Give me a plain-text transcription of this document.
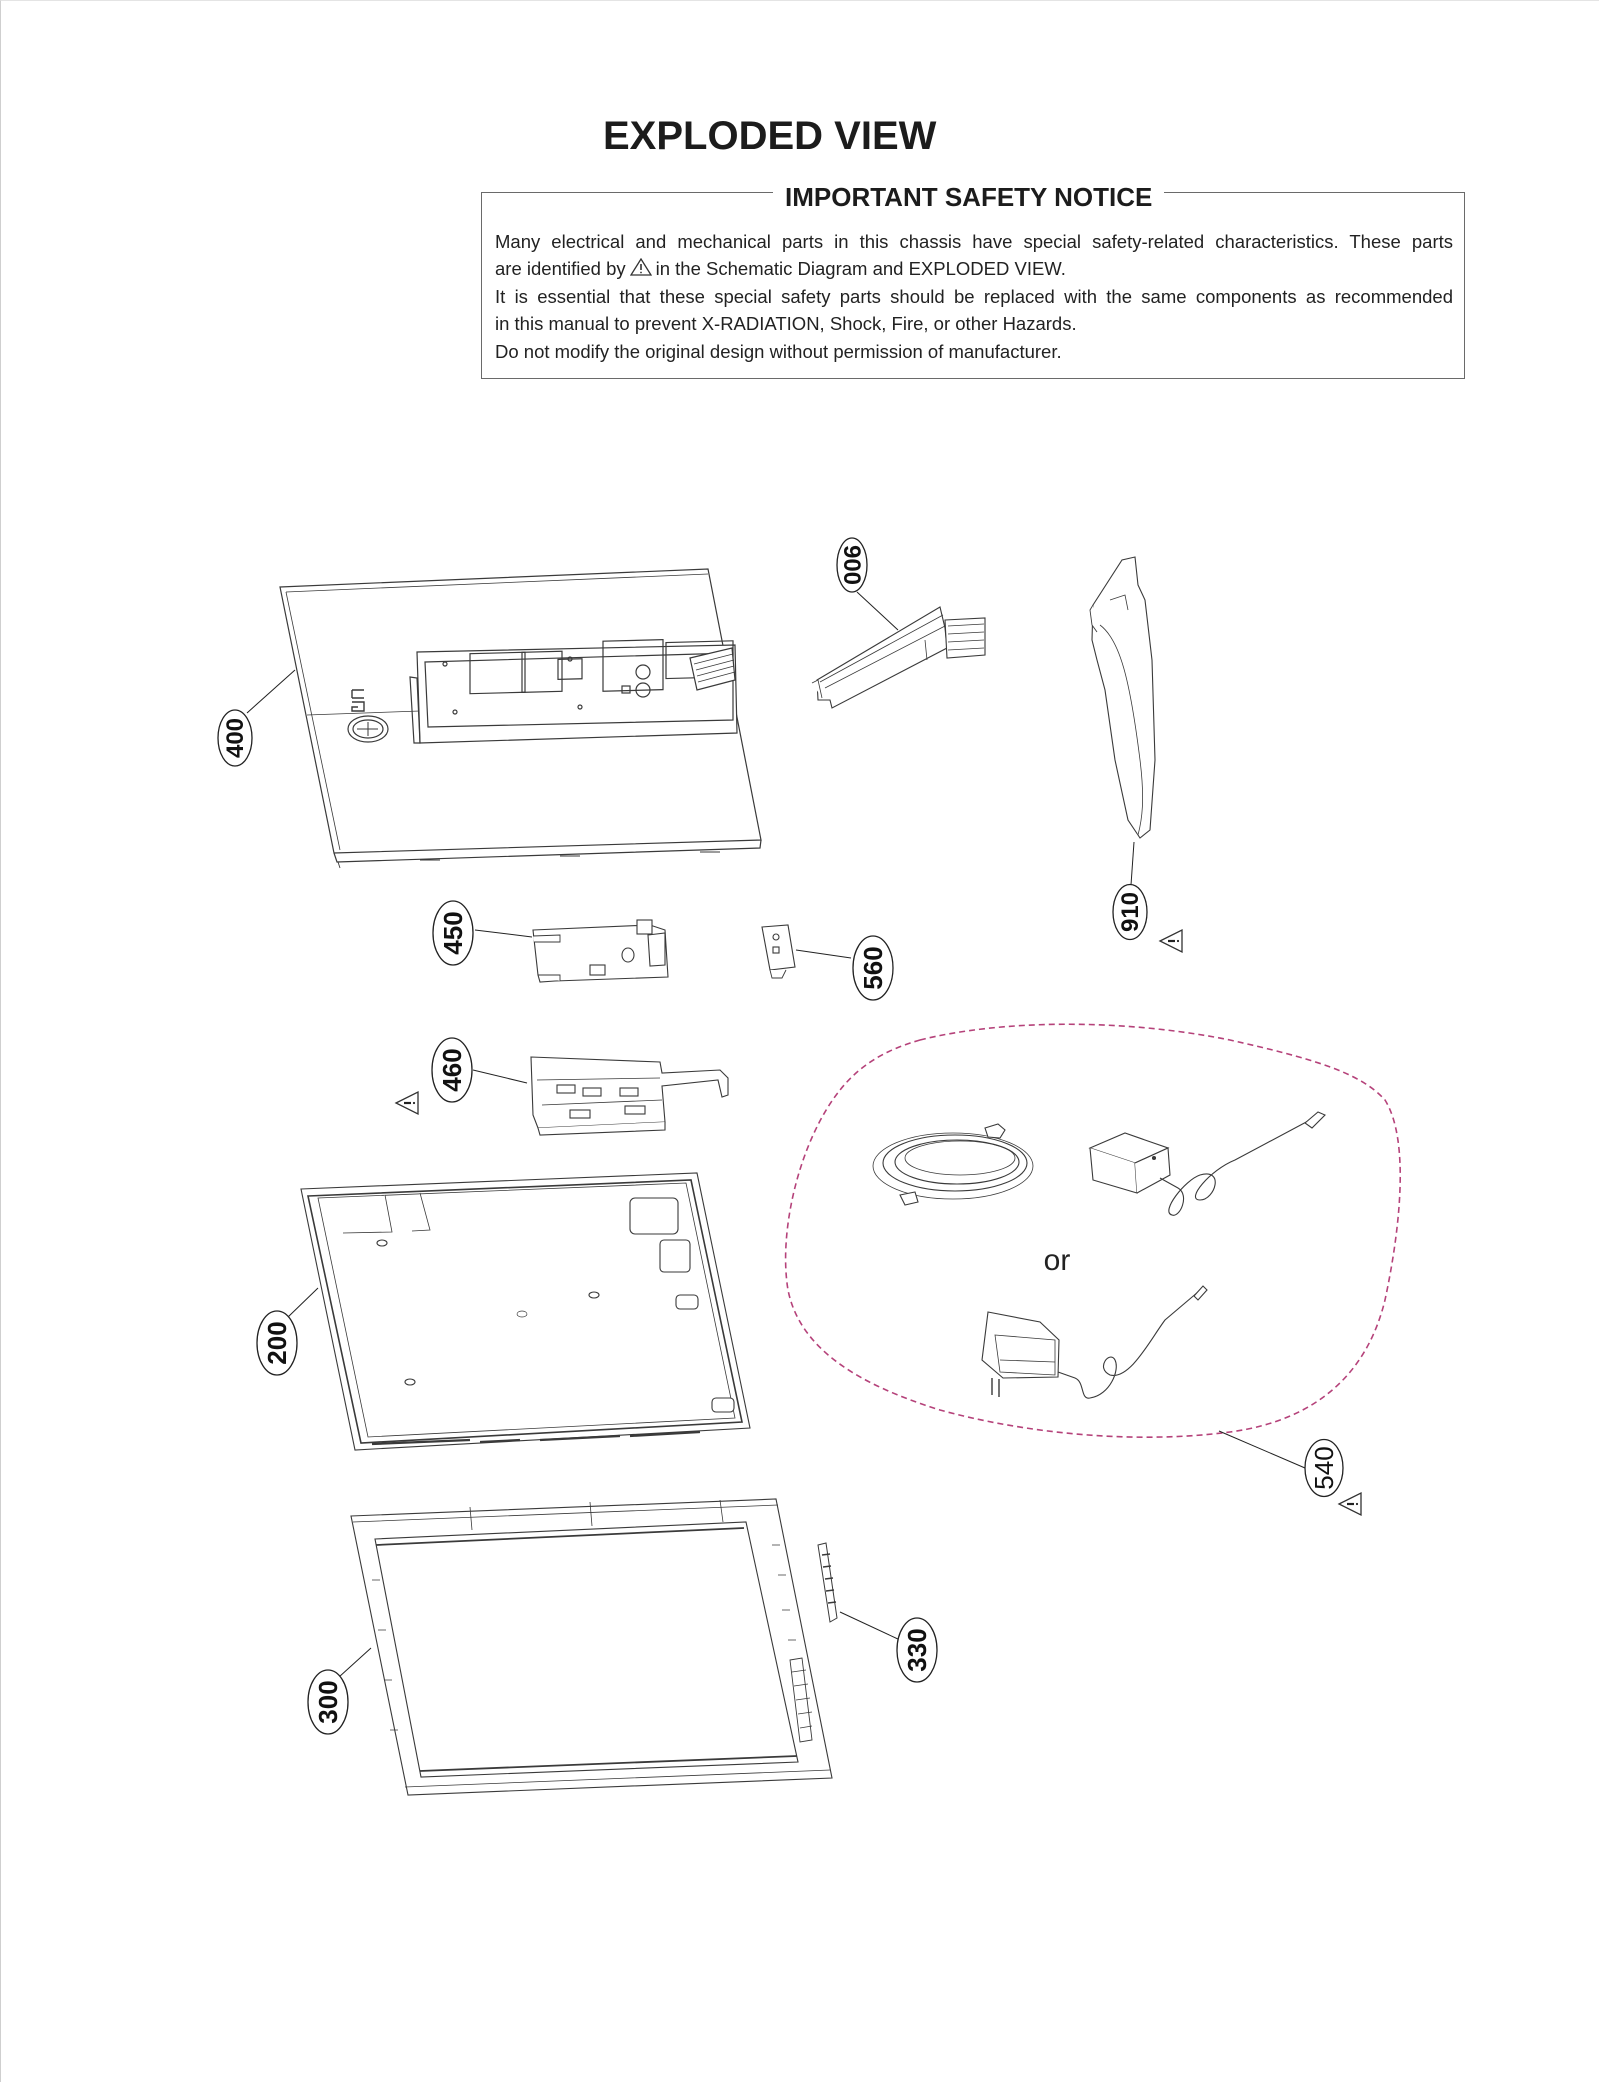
EXPLODED VIEW
IMPORTANT SAFETY NOTICE
Many electrical and mechanical parts in this chassis have special safety-related characteristics. These parts
are identified by in the Schematic Diagram and EXPLODED VIEW.
It is essential that these special safety parts should be replaced with the same components as recommended
in this manual to prevent X-RADIATION, Shock, Fire, or other Hazards.
Do not modify the original design without permission of manufacturer.
400
900
910
450
560
460
200
300
330
or
540
